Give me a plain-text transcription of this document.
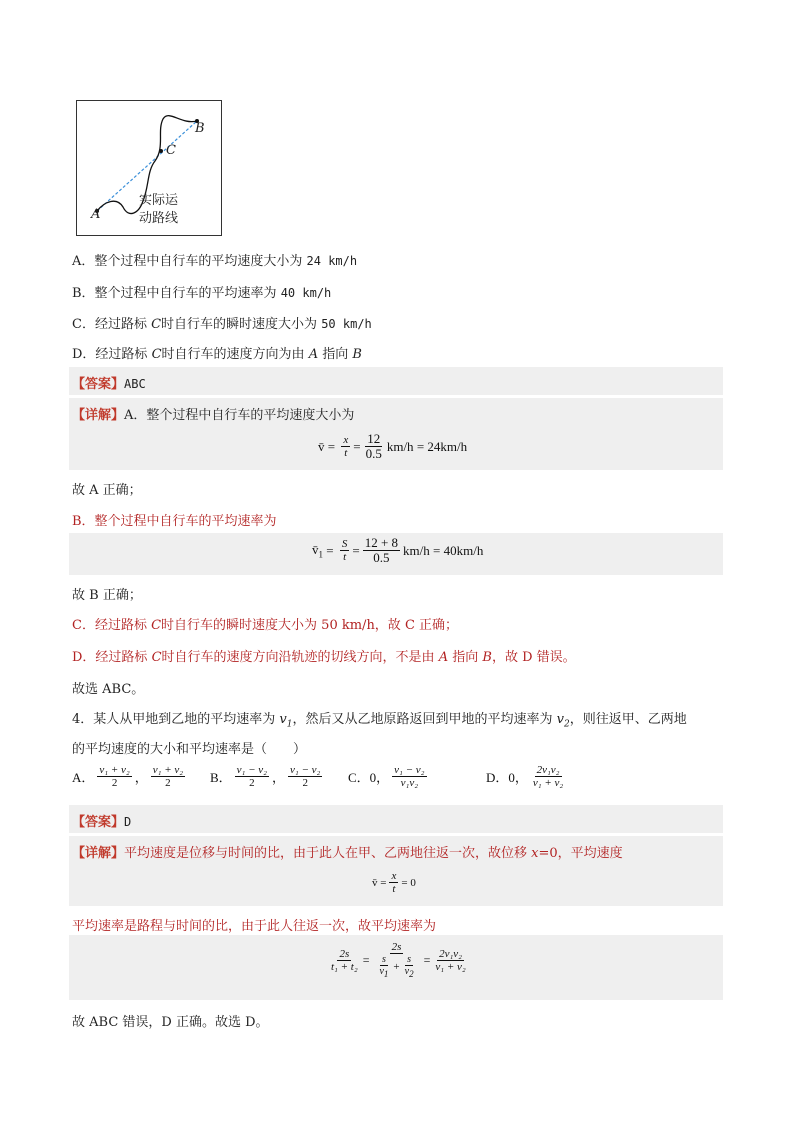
A
B
C
实际运
动路线
A．整个过程中自行车的平均速度大小为 24 km/h
B．整个过程中自行车的平均速率为 40 km/h
C．经过路标 C时自行车的瞬时速度大小为 50 km/h
D．经过路标 C时自行车的速度方向为由 A 指向 B
【答案】ABC
【详解】A．整个过程中自行车的平均速度大小为
v̄ = $\frac{x}{t} = \frac{12}{0.5} km/h$
= 24km/h
故 A 正确；
B．整个过程中自行车的平均速率为
$v̄_1 = \frac{S}{t} = \frac{12 + 8}{0.5} km/h$
= 40km/h
故 B 正确；
C．经过路标 C时自行车的瞬时速度大小为 50 km/h，故 C 正确；
D．经过路标 C时自行车的速度方向沿轨迹的切线方向，不是由 A 指向 B，故 D 错误。
故选 ABC。
4．某人从甲地到乙地的平均速率为 $v_1$，然后又从乙地原路返回到甲地的平均速率为 $v_2$，则往返甲、乙两地
的平均速度的大小和平均速率是（　　）
A． $\frac{\text{v₁ + v₂}}{2}$ ， $\frac{\text{v₁ + v₂}}{2}$ B． $\frac{\text{v₁ − v₂}}{2}$ ， $\frac{\text{v₁ − v₂}}{2}$ C．0， $\frac{\text{v₁ − v₂}}{\text{v₁v₂}}$	D．0， $\frac{\text{2v₁v₂}}{\text{v₁ + v₂}}$
【答案】D
【详解】平均速度是位移与时间的比，由于此人在甲、乙两地往返一次，故位移 x=0，平均速度
v̄ = $\frac{x}{t} = 0$
平均速率是路程与时间的比，由于此人往返一次，故平均速率为
$\frac{2s}{\text{t₁ + t₂}} = \frac{2s}{\frac{s}{v_1} + \frac{s}{v_2}} = \frac{\text{2v₁v₂}}{\text{v₁ + v₂}}$
故 ABC 错误，D 正确。故选 D。
